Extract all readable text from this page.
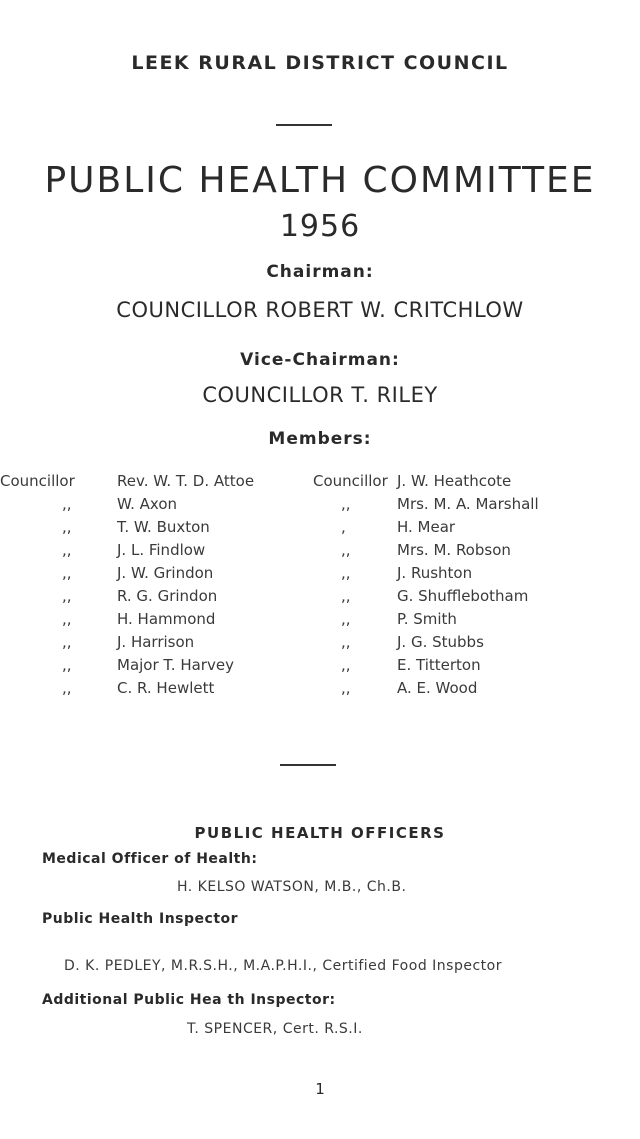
LEEK RURAL DISTRICT COUNCIL
PUBLIC HEALTH COMMITTEE
1956
Chairman:
COUNCILLOR ROBERT W. CRITCHLOW
Vice-Chairman:
COUNCILLOR T. RILEY
Members:
Councillor	Rev. W. T. D. Attoe
,,	W. Axon
,,	T. W. Buxton
,,	J. L. Findlow
,,	J. W. Grindon
,,	R. G. Grindon
,,	H. Hammond
,,	J. Harrison
,,	Major T. Harvey
,,	C. R. Hewlett
Councillor J. W. Heathcote
,,	Mrs. M. A. Marshall
,	H. Mear
,,	Mrs. M. Robson
,,	J. Rushton
,,	G. Shufflebotham
,,	P. Smith
,,	J. G. Stubbs
,,	E. Titterton
,,	A. E. Wood
PUBLIC HEALTH OFFICERS
Medical Officer of Health:
H. KELSO WATSON, M.B., Ch.B.
Public Health Inspector
D. K. PEDLEY, M.R.S.H., M.A.P.H.I., Certified Food Inspector
Additional Public Hea th Inspector:
T. SPENCER, Cert. R.S.I.
1
